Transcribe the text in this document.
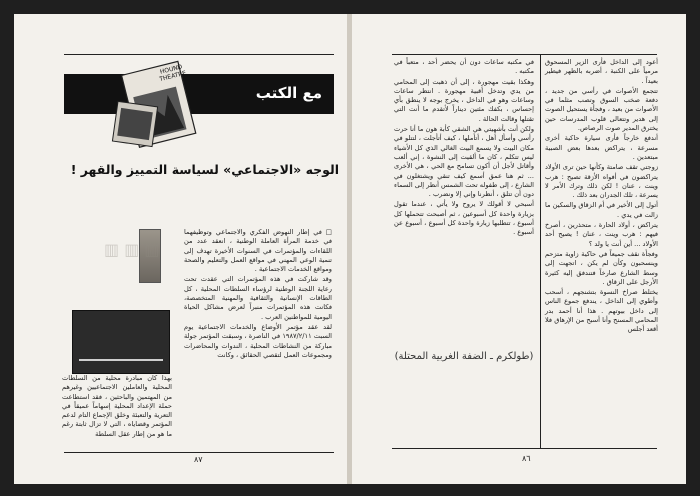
مع الكتب
HOUND THEATRE
الوجه «الاجتماعي» لسياسة التمييز والقهر !
▥ ▥ ▥

□ في إطار النهوض الفكري والاجتماعي وتوظيفهما في خدمة المرأة العاملة الوطنية ، انعقد عدد من اللقاءات والمؤتمرات في السنوات الأخيرة تهدف إلى تنمية الوعي المهني في مواقع العمل والتعليم والصحة ومواقع الخدمات الاجتماعية .

وقد شاركت في هذه المؤتمرات التي عقدت تحت رعاية اللجنة الوطنية لرؤساء السلطات المحلية ، كل الطاقات الإنسانية والثقافية والمهنية المتخصصة، فكانت هذه المؤتمرات منبراً لعرض مشاكل الحياة اليومية للمواطنين العرب .

لقد عقد مؤتمر الأوضاع والخدمات الاجتماعية يوم السبت ١٩٨٧/٢/١١ في الناصرة ، وسبقت المؤتمر جولة مباركة من النشاطات المحلية ، الندوات والمحاضرات ومجموعات العمل لتقصي الحقائق ، وكانت

بهذا كان مبادرة محلية من السلطات المحلية والعاملين الاجتماعيين وغيرهم من المهتمين والباحثين ، فقد استطاعت حملة الإعداد المحلية إسهاماً عميقاً في التعرية والتعبئة وخلق الإجماع التام لدعم المؤتمر وقضاياه ، التي لا تزال ثابتة رغم ما هو من إطار عقل السلطة

٨٧

أعود إلى الداخل فأرى الزير المسحوق مرمياً على الكنبة ، أضربه بالظهر فيطير بعيداً .

تتجمع الأصوات في رأسي من جديد ، دفعة صخب السوق وتصب مثلما في الأصوات من بعيد ، وفجأة يستحيل الصوت إلى هدير وتتعالى قلوب المدرسات حين يخترق المدير صوت الرصاص.

أندفع خارجاً فأرى سيارة حاكية أخرى مسرعة ، يتراكض بعدها بعض الصبية مبتعدين .

زوجتي تقف صامتة وكأنها حين ترى الأولاد يتراكضون في أفواه الأزقة تصيح : هرب وينت ، عنان ! لكن ذلك وترك الأمر لا يسرعة ، تلك الجدران بعد ذلك .

أتول إلى الأخير في أم الزقاق والسكين ما زالت في يدي .

يتراكض ، أولاد الحارة ، متحذرين ، أصرخ فيهم : هرب وينت ، عنان ! يصيح أحد الأولاد ... أين أنت يا ولد ؟

وفجأة نقف جميعاً في حاكية زاوية متزحم وينسحبون وكأن لم يكن ، اتجهت إلى وسط الشارع صارخاً فتندفق إليه كثيرة الأرجل على الزقاق .

يختلط صراخ النسوة بتشنجهم ، أسحب وأطوي إلى الداخل ، يندفع جموع الناس إلى داخل بيوتهم . هذا أنا أحمد بدر المحامي المسنح وأنا أسبح من الإرهاق فلا أقعد أجلس

في مكتبه ساعات دون أن يحضر أحد ، متعباً في مكتبه .

وهكذا بقيت مهجورة ، إلى أن ذهبت إلى المحامي من يدي وتدخل أقبية مهجورة . انتظر ساعات وساعات وهو في الداخل ، يخرج بوجه لا ينطق بأي إحساس ، بكفك مئتين ديناراً لأتقدم ما أنت التي تقتلها وقالت الحالة .

ولكن أنت بأشهيتي هي الشقي كأبة هون ما أنا حرت رأسي وأسأل أهل ، أتأملها ، كيف أتأجلت ، لتتلو في مكان البيت ولا يسمع البيت الغالي الذي كل الأشياء ليس تتكلم ، كان ما ألقيت إلى النشوة ، إني ألعب وأقاتل لأجل أن أكون تسامح مع الحي ، هي الأخرى ... ثم هنا عمق أسمع كيف تنقي ويشتغلون في الشارع ، إلى طفوله تحت الشمس أنظر إلى السماء دون أن تتلق ، أنظرنا وإني إلا ونضرب .

أسبحي لا أقولك لا يروح ولا يأتي ، عندما تقول بزيارة واحدة كل أسبوعين ، ثم أصبحت تتحملها كل أسبوع ، تتطلبها زيارة واحدة كل أسبوع ، أسبوع عن أسبوع .

(طولكرم ـ الضفة الغربية المحتلة)
٨٦
